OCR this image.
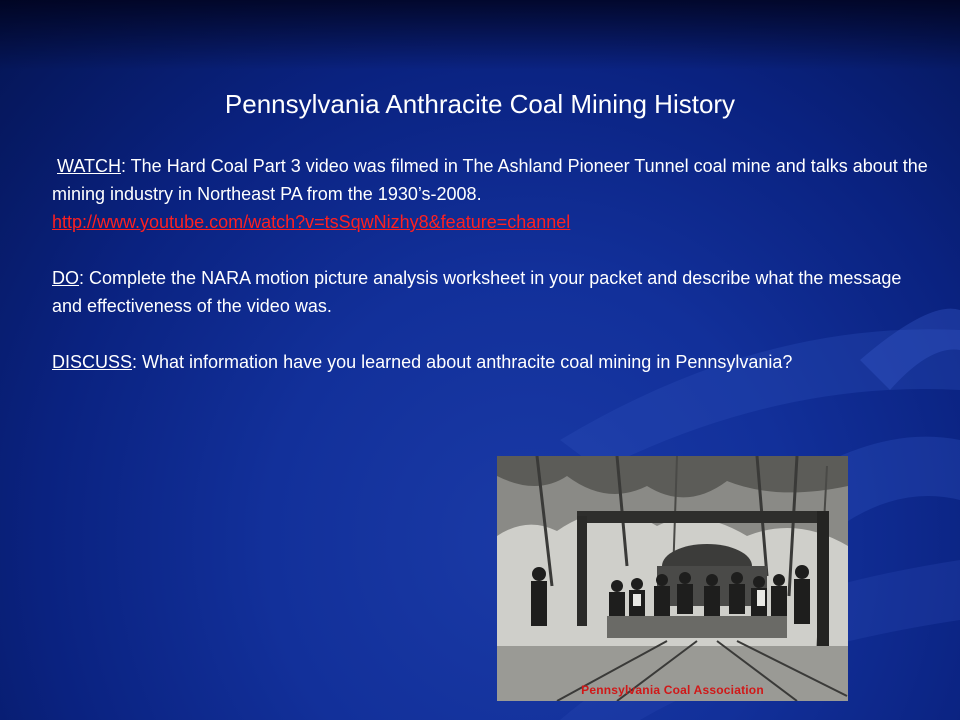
Pennsylvania Anthracite Coal Mining History

WATCH: The Hard Coal Part 3 video was filmed in The Ashland Pioneer Tunnel coal mine and talks about the mining industry in Northeast PA from the 1930’s-2008.

http://www.youtube.com/watch?v=tsSqwNizhy8&feature=channel

DO: Complete the NARA motion picture analysis worksheet in your packet and describe what the message and effectiveness of the video was.

DISCUSS: What information have you learned about anthracite coal mining in Pennsylvania?

Pennsylvania Coal Association
